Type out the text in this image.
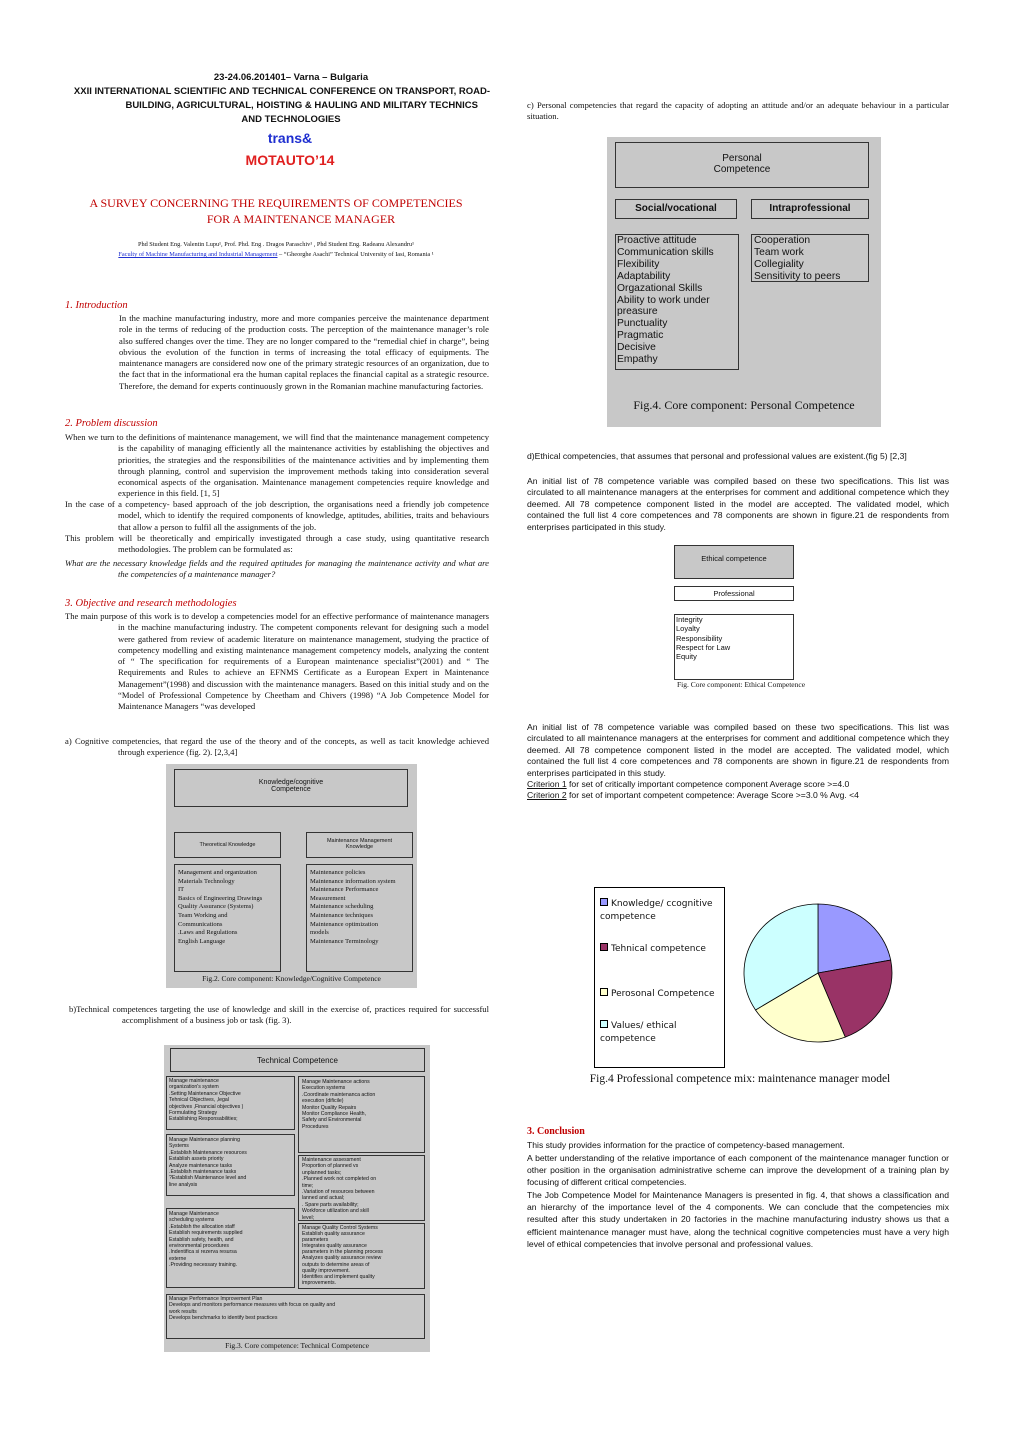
23-24.06.201401– Varna – Bulgaria
XXII INTERNATIONAL SCIENTIFIC AND TECHNICAL CONFERENCE ON TRANSPORT, ROAD-
BUILDING, AGRICULTURAL, HOISTING & HAULING AND MILITARY TECHNICS
AND TECHNOLOGIES
trans&
MOTAUTO’14
A SURVEY CONCERNING THE REQUIREMENTS OF COMPETENCIES
FOR A MAINTENANCE MANAGER
Phd Student Eng. Valentin Lupu¹, Prof. Phd. Eng . Dragos Paraschiv¹ , Phd Student Eng. Radeanu Alexandru¹
Faculty of Machine Manufacturing and Industrial Management – “Gheorghe Asachi” Technical University of Iasi, Romania ¹
1. Introduction
In the machine manufacturing industry, more and more companies perceive the maintenance department role in the terms of reducing of the production costs. The perception of the maintenance manager’s role also suffered changes over the time. They are no longer compared to the “remedial chief in charge”, being obvious the evolution of the function in terms of increasing the total efficacy of equipments. The maintenance managers are considered now one of the primary strategic resources of an organization, due to the fact that in the informational era the human capital replaces the financial capital as a strategic resource. Therefore, the demand for experts continuously grown in the Romanian machine manufacturing factories.
2. Problem discussion
When we turn to the definitions of maintenance management, we will find that the maintenance management competency is the capability of managing efficiently all the maintenance activities by establishing the objectives and priorities, the strategies and the responsibilities of the maintenance activities and by implementing them through planning, control and supervision the improvement methods taking into consideration several economical aspects of the organisation. Maintenance management competencies require knowledge and experience in this field. [1, 5]
In the case of a competency- based approach of the job description, the organisations need a friendly job competence model, which to identify the required components of knowledge, aptitudes, abilities, traits and behaviours that allow a person to fulfil all the assignments of the job.
This problem will be theoretically and empirically investigated through a case study, using quantitative research methodologies. The problem can be formulated as:
What are the necessary knowledge fields and the required aptitudes for managing the maintenance activity and what are the competencies of a maintenance manager?
3. Objective and research methodologies
The main purpose of this work is to develop a competencies model for an effective performance of maintenance managers in the machine manufacturing industry. The competent components relevant for designing such a model were gathered from review of academic literature on maintenance management, studying the practice of competency modelling and existing maintenance management competency models, analyzing the content of “ The specification for requirements of a European maintenance specialist”(2001) and “ The Requirements and Rules to achieve an EFNMS Certificate as a European Expert in Maintenance Management”(1998) and discussion with the maintenance managers. Based on this initial study and on the “Model of Professional Competence by Cheetham and Chivers (1998) “A Job Competence Model for Maintenance Managers “was developed
a) Cognitive competencies, that regard the use of the theory and of the concepts, as well as tacit knowledge achieved through experience (fig. 2). [2,3,4]
Knowledge/cognitive
Competence
Theoretical Knowledge
Maintenance Management
Knowledge
Management and organization
Materials Technology
IT
Basics of Engineering Drawings
Quality Assurance (Systems)
Team Working and
Communications
.Laws and Regulations
English Language
Maintenance policies
Maintenance information system
Maintenance Performance
Measurement
Maintenance scheduling
Maintenance techniques
Maintenance optimization
models
Maintenance Terminology
Fig.2. Core component: Knowledge/Cognitive Competence
b)Technical competences targeting the use of knowledge and skill in the exercise of, practices required for successful accomplishment of a business job or task (fig. 3).
Technical Competence
Manage maintenance
organization's system
.Setting Maintenance Objective
Tehnical Objectives, ,legal
objectives ,Financial objectives )
Formulating Strategy
Establishing Responsabilities;
Manage Maintenance actions
Execution systems
.Coordinate maintenanca action
execution (dificile)
Monitor Quality Repairs
Monitor Compliance Health,
Safety and Environmental
Procedures
Manage Maintenance planning
Systems
.Establish Maintenance resources
Establish assets priority
Analyze maintenance tasks
.Establish maintenance tasks
?Establish Maintenance level and
line analysis
Maintenance assessment
Proportion of planned vs
unplanned tasks;
.Planned work not completed on
time;
.Variation of resources between
lanned and actual;
. Spare parts availability;
Workforce utilization and skill
level;
Manage Maintenance
scheduling systems
.Establish the allocation staff
Establish requirements supplied
Establish safety, health, and
environmental procedures
.Indentifica si rezerva resursa
externe
.Providing necessary training.
Manage Quality Control Systems
Establish quality assurance
parameters
Integrates quality assurance
parameters in the planning process
Analyzes quality assurance review
outputs to determine areas of
quality improvement.
Identifies and implement quality
improvements.
Manage Performance Improvement Plan
Develops and monitors performance measures with focus on quality and
work results
Develops benchmarks to identify best practices
Fig.3. Core competence: Technical Competence
c) Personal competencies that regard the capacity of adopting an attitude and/or an adequate behaviour in a particular situation.
Personal
Competence
Social/vocational	Intraprofessional
Proactive attitude
Communication skills
Flexibility
Adaptability
Orgazational Skills
Ability to work under
preasure
Punctuality
Pragmatic
Decisive
Empathy
Cooperation
Team work
Collegiality
Sensitivity to peers
Fig.4. Core component: Personal Competence
d)Ethical competencies, that assumes that personal and professional values are existent.(fig 5) [2,3]
An initial list of 78 competence variable was compiled based on these two specifications. This list was circulated to all maintenance managers at the enterprises for comment and additional competence which they deemed. All 78 competence component listed in the model are accepted. The validated model, which contained the full list 4 core competences and 78 components are shown in figure.21 de respondents from enterprises participated in this study.
Ethical competence
Professional
Integrity
Loyalty
Responsibility
Respect for Law
Equity
Fig. Core component: Ethical Competence
An initial list of 78 competence variable was compiled based on these two specifications. This list was circulated to all maintenance managers at the enterprises for comment and additional competence which they deemed. All 78 competence component listed in the model are accepted. The validated model, which contained the full list 4 core competences and 78 components are shown in figure.21 de respondents from enterprises participated in this study.
Criterion 1 for set of critically important competence component Average score >=4.0
Criterion 2 for set of important competent competence: Average Score >=3.0 % Avg. <4
Knowledge/ ccognitive competence
Tehnical competence
Perosonal Competence
Values/ ethical competence
Fig.4 Professional competence mix: maintenance manager model
3. Conclusion
This study provides information for the practice of competency-based management.
A better understanding of the relative importance of each component of the maintenance manager function or other position in the organisation administrative scheme can improve the development of a training plan by focusing of different critical competencies.
The Job Competence Model for Maintenance Managers is presented in fig. 4, that shows a classification and an hierarchy of the importance level of the 4 components. We can conclude that the competencies mix resulted after this study undertaken in 20 factories in the machine manufacturing industry shows us that a efficient maintenance manager must have, along the technical cognitive competencies must have a very high level of ethical competencies that involve personal and professional values.
